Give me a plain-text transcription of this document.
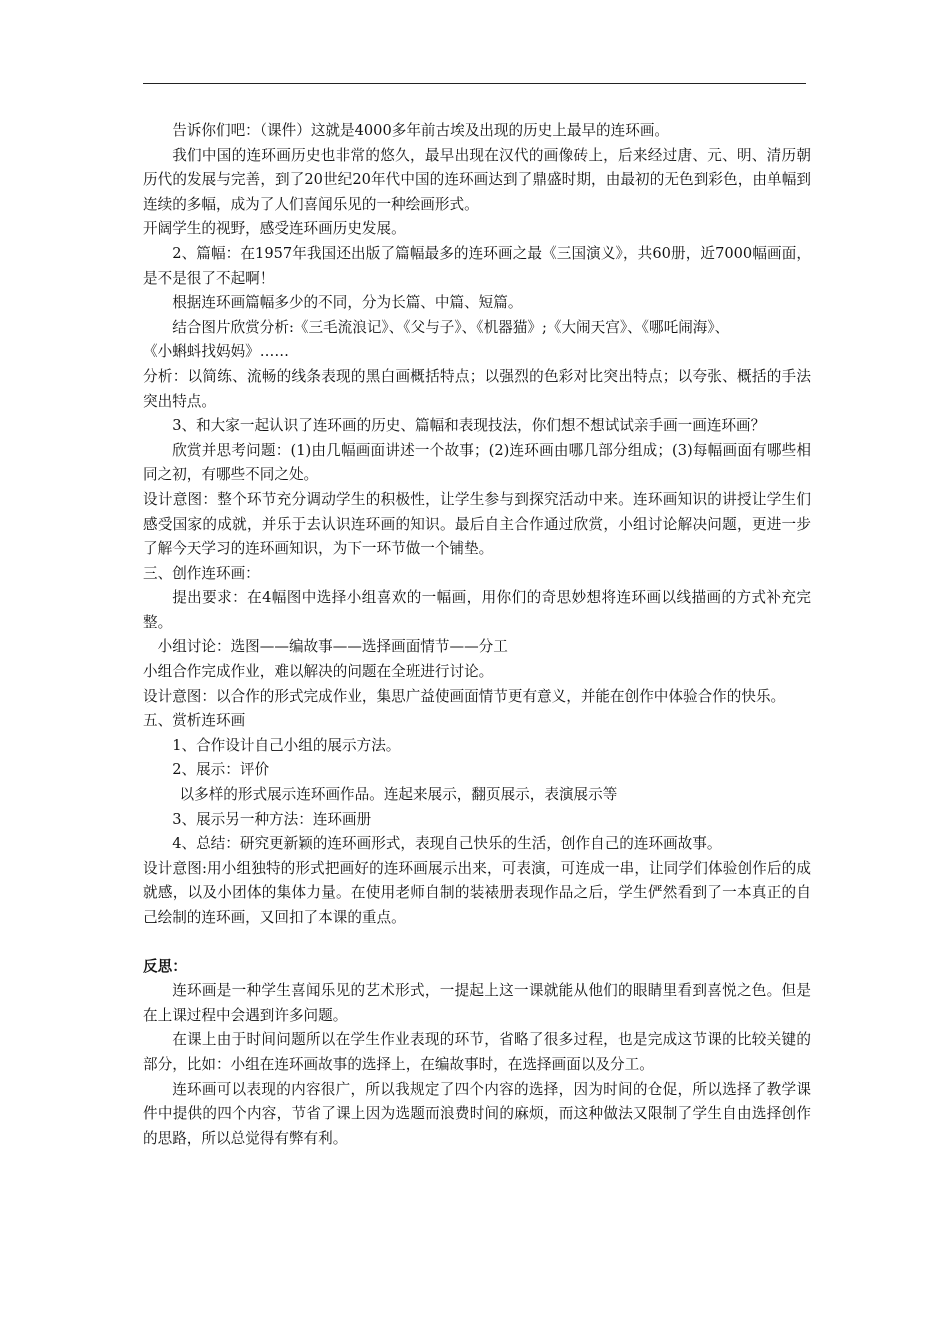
告诉你们吧：（课件）这就是4000多年前古埃及出现的历史上最早的连环画。

我们中国的连环画历史也非常的悠久，最早出现在汉代的画像砖上，后来经过唐、元、明、清历朝历代的发展与完善，到了20世纪20年代中国的连环画达到了鼎盛时期，由最初的无色到彩色，由单幅到连续的多幅，成为了人们喜闻乐见的一种绘画形式。

开阔学生的视野，感受连环画历史发展。

2、篇幅：在1957年我国还出版了篇幅最多的连环画之最《三国演义》，共60册，近7000幅画面，是不是很了不起啊！

根据连环画篇幅多少的不同，分为长篇、中篇、短篇。

结合图片欣赏分析:《三毛流浪记》、《父与子》、《机器猫》;《大闹天宫》、《哪吒闹海》、

《小蝌蚪找妈妈》……

分析：以简练、流畅的线条表现的黑白画概括特点；以强烈的色彩对比突出特点；以夸张、概括的手法突出特点。

3、和大家一起认识了连环画的历史、篇幅和表现技法，你们想不想试试亲手画一画连环画？

欣赏并思考问题：(1)由几幅画面讲述一个故事；(2)连环画由哪几部分组成；(3)每幅画面有哪些相同之初，有哪些不同之处。

设计意图：整个环节充分调动学生的积极性，让学生参与到探究活动中来。连环画知识的讲授让学生们感受国家的成就，并乐于去认识连环画的知识。最后自主合作通过欣赏，小组讨论解决问题，更进一步了解今天学习的连环画知识，为下一环节做一个铺垫。

三、创作连环画：

提出要求：在4幅图中选择小组喜欢的一幅画，用你们的奇思妙想将连环画以线描画的方式补充完整。

小组讨论：选图——编故事——选择画面情节——分工

小组合作完成作业，难以解决的问题在全班进行讨论。

设计意图：以合作的形式完成作业，集思广益使画面情节更有意义，并能在创作中体验合作的快乐。

五、赏析连环画

1、合作设计自己小组的展示方法。

2、展示：评价

以多样的形式展示连环画作品。连起来展示，翻页展示，表演展示等

3、展示另一种方法：连环画册

4、总结：研究更新颖的连环画形式，表现自己快乐的生活，创作自己的连环画故事。

设计意图:用小组独特的形式把画好的连环画展示出来，可表演，可连成一串，让同学们体验创作后的成就感，以及小团体的集体力量。在使用老师自制的装裱册表现作品之后，学生俨然看到了一本真正的自己绘制的连环画，又回扣了本课的重点。

反思：

连环画是一种学生喜闻乐见的艺术形式，一提起上这一课就能从他们的眼睛里看到喜悦之色。但是在上课过程中会遇到许多问题。

在课上由于时间问题所以在学生作业表现的环节，省略了很多过程，也是完成这节课的比较关键的部分，比如：小组在连环画故事的选择上，在编故事时，在选择画面以及分工。

连环画可以表现的内容很广，所以我规定了四个内容的选择，因为时间的仓促，所以选择了教学课件中提供的四个内容，节省了课上因为选题而浪费时间的麻烦，而这种做法又限制了学生自由选择创作的思路，所以总觉得有弊有利。
